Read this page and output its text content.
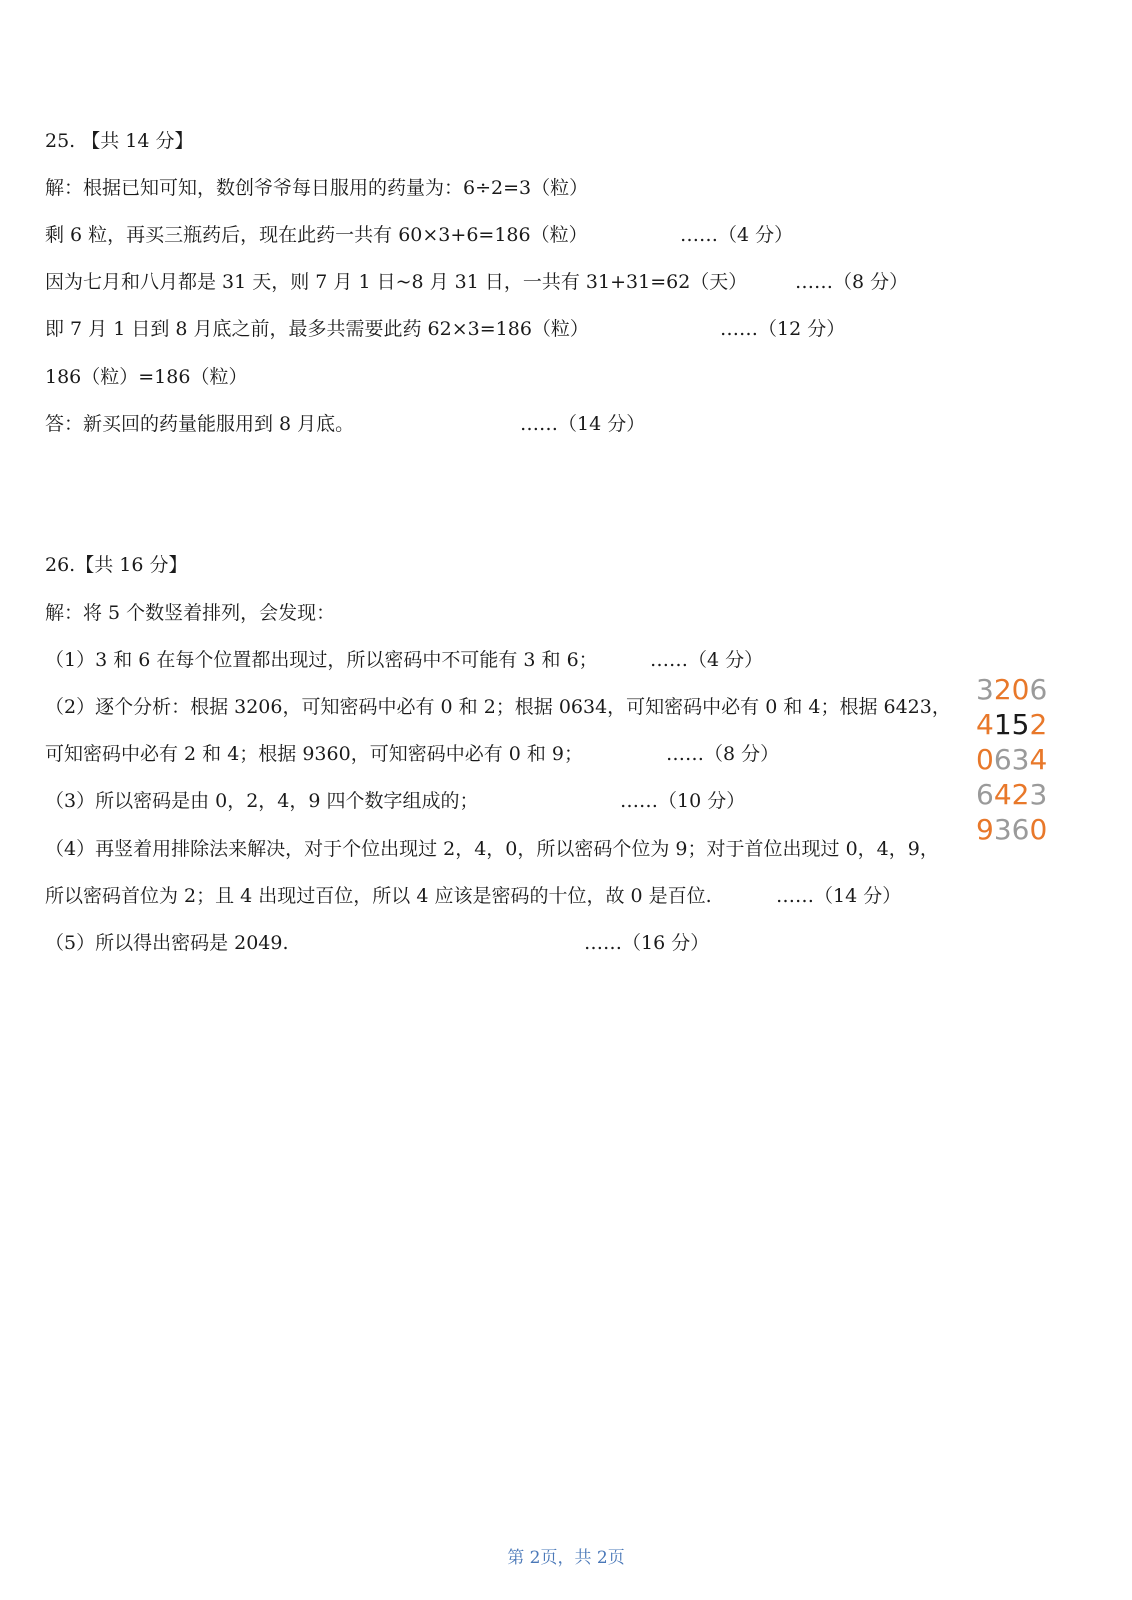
25. 【共 14 分】
解：根据已知可知，数创爷爷每日服用的药量为：6÷2=3（粒）
剩 6 粒，再买三瓶药后，现在此药一共有 60×3+6=186（粒）	……（4 分）
因为七月和八月都是 31 天，则 7 月 1 日~8 月 31 日，一共有 31+31=62（天）	……（8 分）
即 7 月 1 日到 8 月底之前，最多共需要此药 62×3=186（粒）	……（12 分）
186（粒）=186（粒）
答：新买回的药量能服用到 8 月底。	……（14 分）
26.【共 16 分】
解：将 5 个数竖着排列，会发现：
（1）3 和 6 在每个位置都出现过，所以密码中不可能有 3 和 6；	……（4 分）
（2）逐个分析：根据 3206，可知密码中必有 0 和 2；根据 0634，可知密码中必有 0 和 4；根据 6423，
可知密码中必有 2 和 4；根据 9360，可知密码中必有 0 和 9；	……（8 分）
（3）所以密码是由 0，2，4，9 四个数字组成的；	……（10 分）
（4）再竖着用排除法来解决，对于个位出现过 2，4，0，所以密码个位为 9；对于首位出现过 0，4，9，
所以密码首位为 2；且 4 出现过百位，所以 4 应该是密码的十位，故 0 是百位.	……（14 分）
（5）所以得出密码是 2049.	……（16 分）
3206
4152
0634
6423
9360
第 2页，共 2页
